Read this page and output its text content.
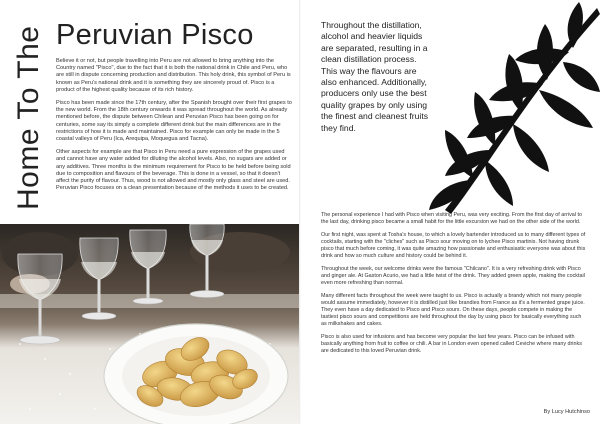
Home To The Peruvian Pisco

Believe it or not, but people travelling into Peru are not allowed to bring anything into the Country named "Pisco", due to the fact that it is both the national drink in Chile and Peru, who are still in dispute concerning production and distribution. This holy drink, this symbol of Peru is known as Peru's national drink and it is something they are sincerely proud of. Pisco is a product of the highest quality because of its rich history.

Pisco has been made since the 17th century, after the Spanish brought over their first grapes to the new world. From the 18th century onwards it was spread throughout the world. As already mentioned before, the dispute between Chilean and Peruvian Pisco has been going on for centuries, some say its simply a complete different drink but the main differences are in the restrictions of how it is made and maintained. Pisco for example can only be made in the 5 coastal valleys of Peru (Ica, Arequipa, Moquegua and Tacna).

Other aspects for example are that Pisco in Peru need a pure expression of the grapes used and cannot have any water added for diluting the alcohol levels. Also, no sugars are added or any additives. Three months is the minimum requirement for Pisco to be held before being sold due to composition and flavours of the beverage. This is done in a vessel, so that it doesn't affect the purity of flavour. Thus, wood is not allowed and mostly only glass and steel are used. Peruvian Pisco focuses on a clean presentation because of the methods it uses to be created.

Throughout the distillation, alcohol and heavier liquids are separated, resulting in a clean distillation process. This way the flavours are also enhanced. Additionally, producers only use the best quality grapes by only using the finest and cleanest fruits they find.

The personal experience I had with Pisco when visiting Peru, was very exciting. From the first day of arrival to the last day, drinking pisco became a small habit for the little excursion we had on the other side of the world.

Our first night, was spent at Tosha's house, to which a lovely bartender introduced us to many different types of cocktails, starting with the "cliches" such as Pisco sour moving on to lychee Pisco martinis. Not having drunk pisco that much before coming, it was quite amazing how passionate and enthusiastic everyone was about this drink and how so much culture and history could be behind it.

Throughout the week, our welcome drinks were the famous "Chilcano". It is a very refreshing drink with Pisco and ginger ale. At Gaston Acurio, we had a little twist of the drink. They added green apple, making the cocktail even more refreshing than normal.

Many different facts throughout the week were taught to us. Pisco is actually a brandy which not many people would assume immediately, however it is distilled just like brandies from France as it's a fermented grape juice. They even have a day dedicated to Pisco and Pisco sours. On these days, people compete in making the tastiest pisco sours and competitions are held throughout the day by using pisco for basically everything such as milkshakes and cakes.

Pisco is also used for infusions and has become very popular the last few years. Pisco can be infused with basically anything from fruit to coffee or chili. A bar in London even opened called Ceviche where many drinks are dedicated to this loved Peruvian drink.

By Lucy Hutchinso
